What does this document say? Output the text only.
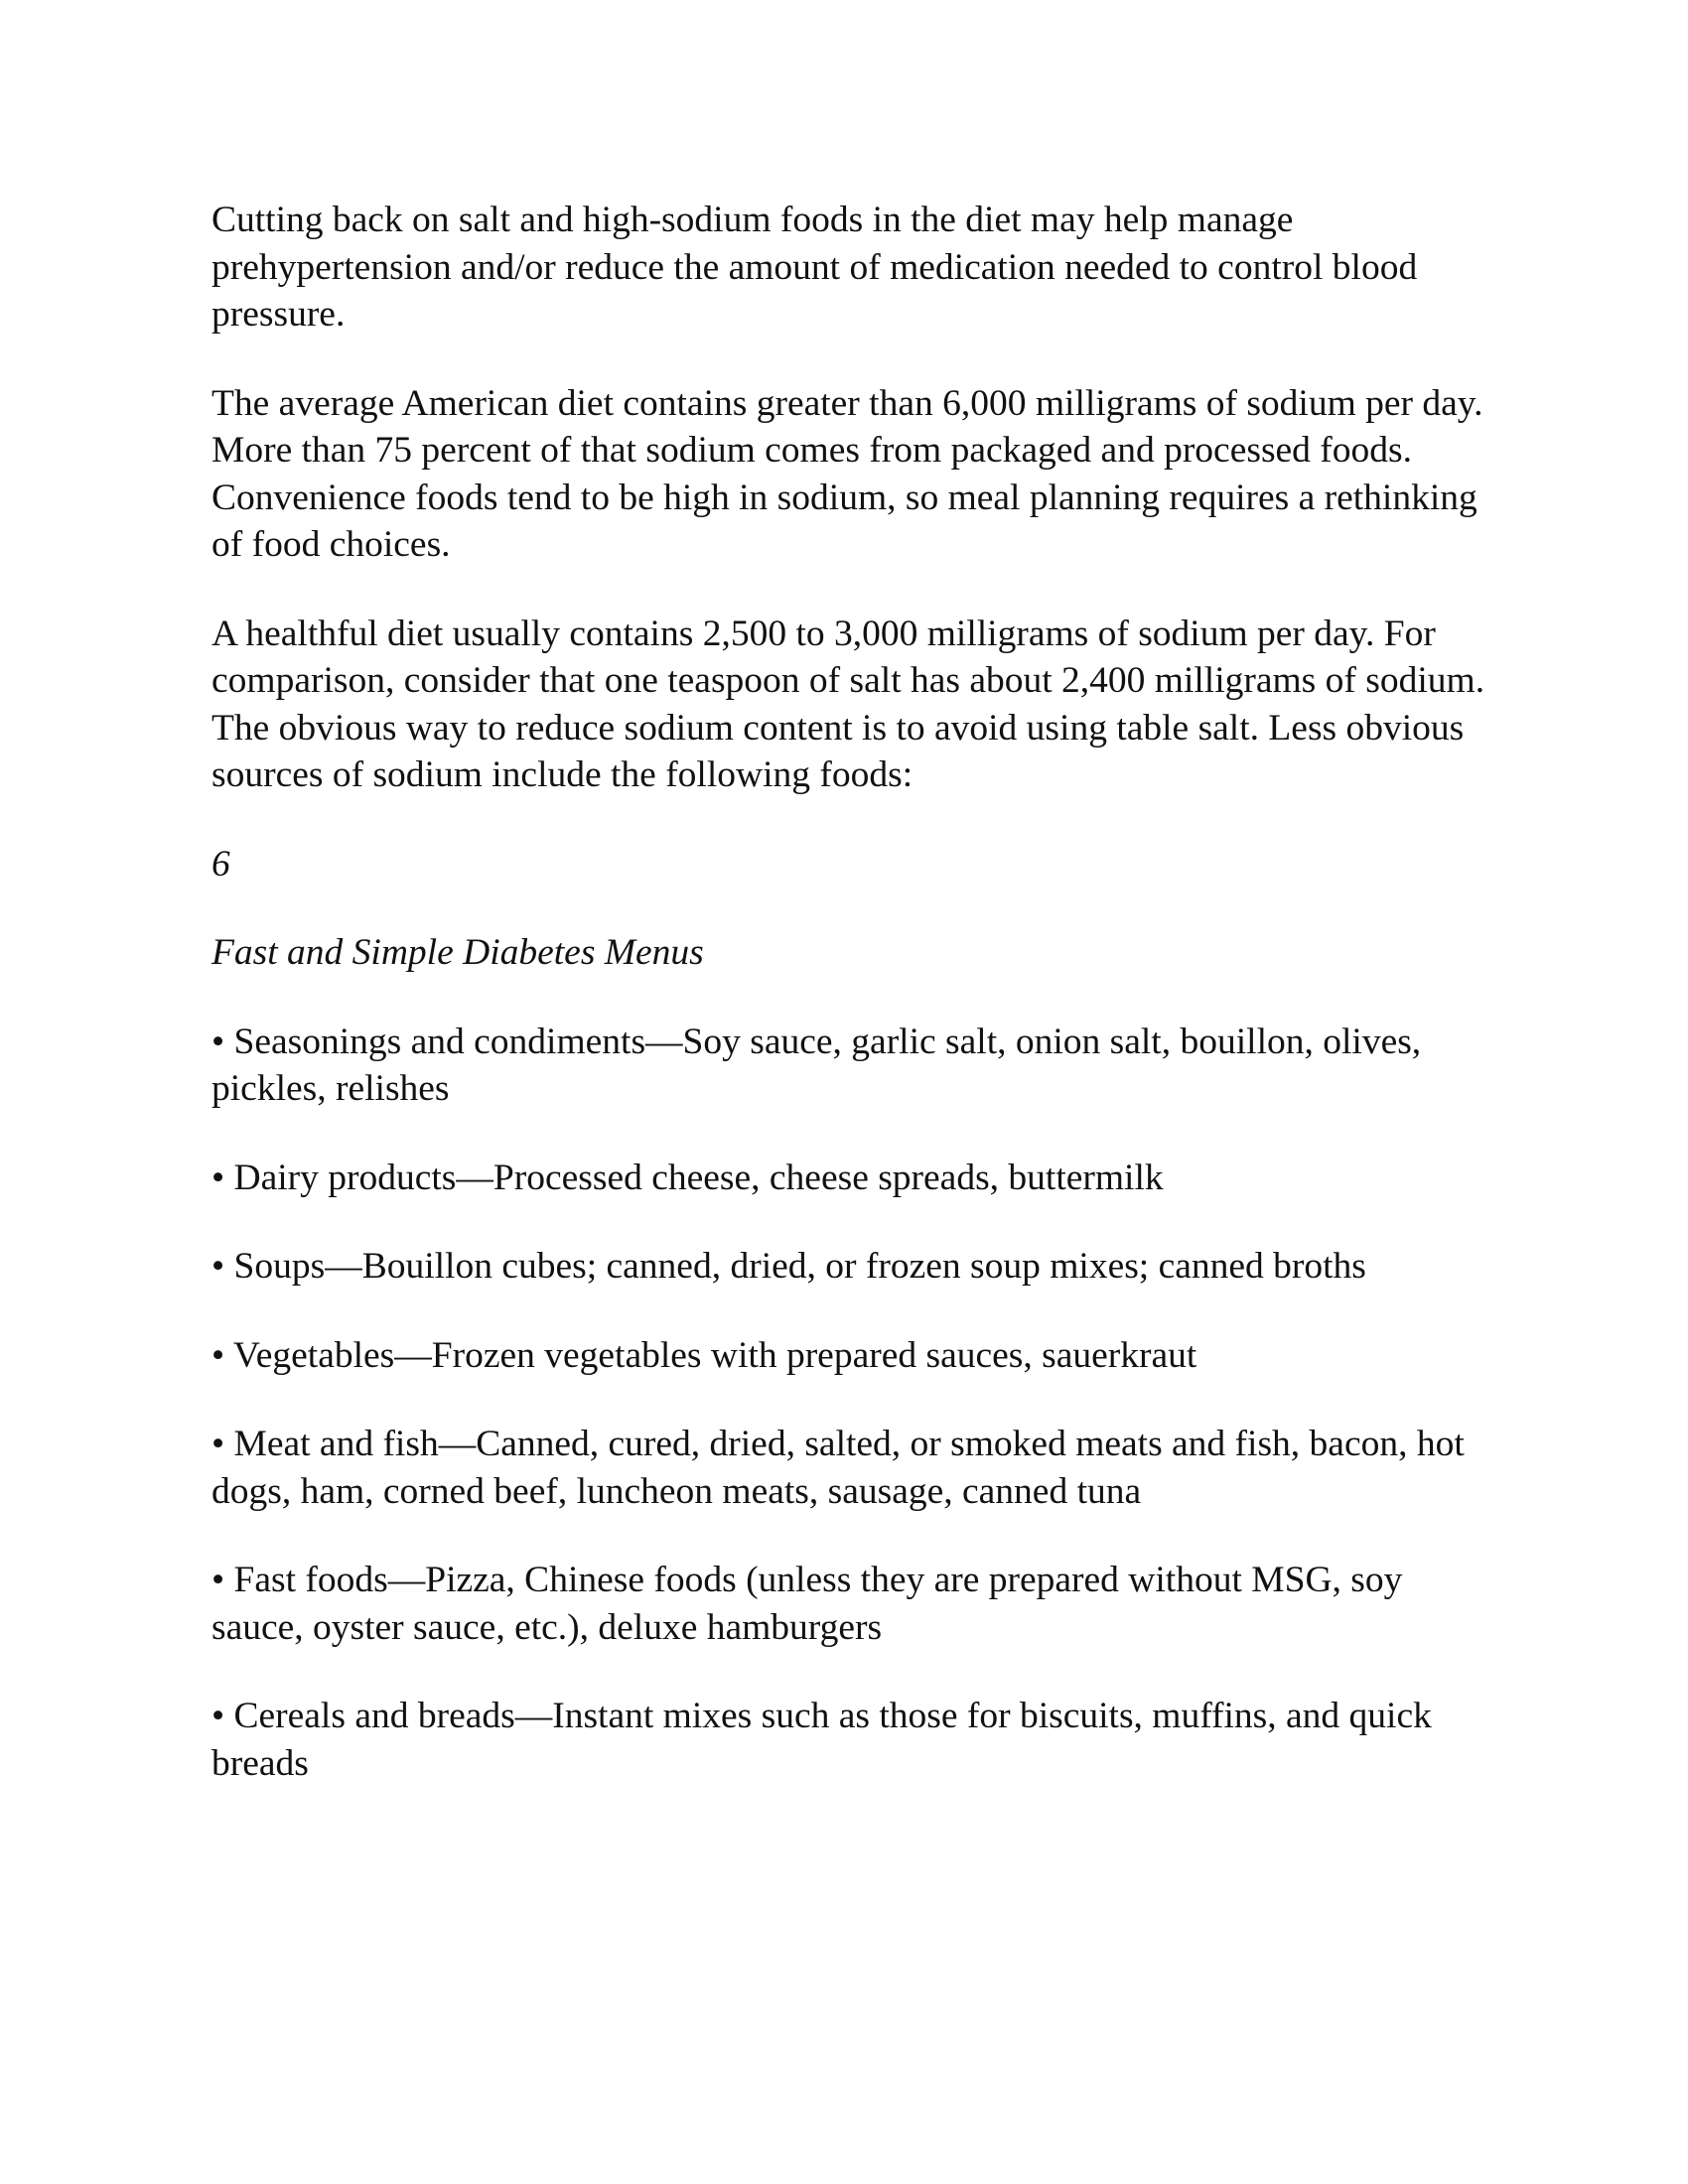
Cutting back on salt and high-sodium foods in the diet may help manage prehypertension and/or reduce the amount of medication needed to control blood pressure.

The average American diet contains greater than 6,000 milligrams of sodium per day. More than 75 percent of that sodium comes from packaged and processed foods. Convenience foods tend to be high in sodium, so meal planning requires a rethinking of food choices.

A healthful diet usually contains 2,500 to 3,000 milligrams of sodium per day. For comparison, consider that one teaspoon of salt has about 2,400 milligrams of sodium. The obvious way to reduce sodium content is to avoid using table salt. Less obvious sources of sodium include the following foods:

6

Fast and Simple Diabetes Menus

• Seasonings and condiments—Soy sauce, garlic salt, onion salt, bouillon, olives, pickles, relishes

• Dairy products—Processed cheese, cheese spreads, buttermilk

• Soups—Bouillon cubes; canned, dried, or frozen soup mixes; canned broths

• Vegetables—Frozen vegetables with prepared sauces, sauerkraut

• Meat and fish—Canned, cured, dried, salted, or smoked meats and fish, bacon, hot dogs, ham, corned beef, luncheon meats, sausage, canned tuna

• Fast foods—Pizza, Chinese foods (unless they are prepared without MSG, soy sauce, oyster sauce, etc.), deluxe hamburgers

• Cereals and breads—Instant mixes such as those for biscuits, muffins, and quick breads
